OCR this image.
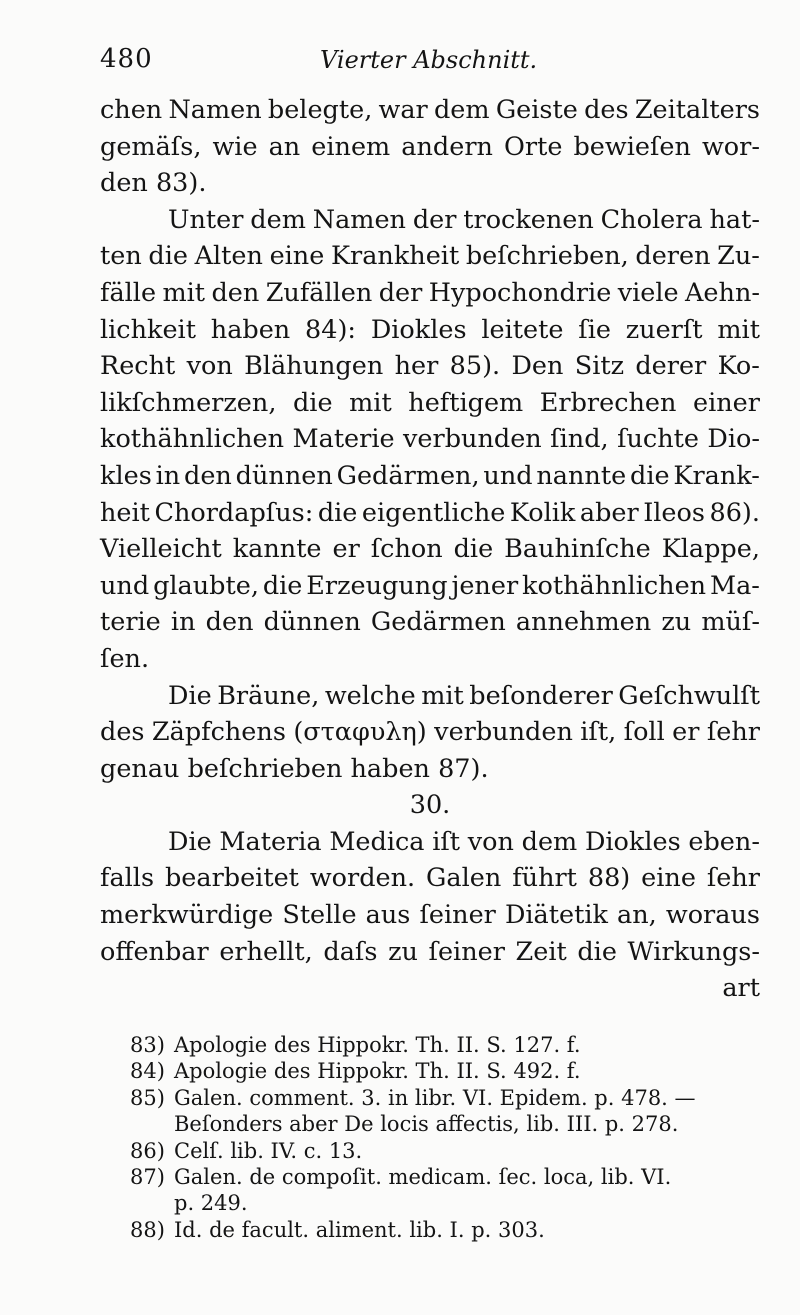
480	Vierter Abschnitt.
chen Namen belegte, war dem Geiste des Zeitalters
gemäſs, wie an einem andern Orte bewieſen wor-
den 83).
Unter dem Namen der trockenen Cholera hat-
ten die Alten eine Krankheit beſchrieben, deren Zu-
fälle mit den Zufällen der Hypochondrie viele Aehn-
lichkeit haben 84): Diokles leitete ſie zuerſt mit
Recht von Blähungen her 85). Den Sitz derer Ko-
likſchmerzen, die mit heftigem Erbrechen einer
kothähnlichen Materie verbunden ſind, ſuchte Dio-
kles in den dünnen Gedärmen, und nannte die Krank-
heit Chordapſus: die eigentliche Kolik aber Ileos 86).
Vielleicht kannte er ſchon die Bauhinſche Klappe,
und glaubte, die Erzeugung jener kothähnlichen Ma-
terie in den dünnen Gedärmen annehmen zu müſ-
ſen.
Die Bräune, welche mit beſonderer Geſchwulſt
des Zäpfchens (σταφυλη) verbunden iſt, ſoll er ſehr
genau beſchrieben haben 87).
30.
Die Materia Medica iſt von dem Diokles eben-
falls bearbeitet worden. Galen führt 88) eine ſehr
merkwürdige Stelle aus ſeiner Diätetik an, woraus
offenbar erhellt, daſs zu ſeiner Zeit die Wirkungs-
art
83) Apologie des Hippokr. Th. II. S. 127. f.
84) Apologie des Hippokr. Th. II. S. 492. f.
85) Galen. comment. 3. in libr. VI. Epidem. p. 478. —
Beſonders aber De locis affectis, lib. III. p. 278.
86) Celſ. lib. IV. c. 13.
87) Galen. de compoſit. medicam. ſec. loca, lib. VI.
p. 249.
88) Id. de facult. aliment. lib. I. p. 303.
